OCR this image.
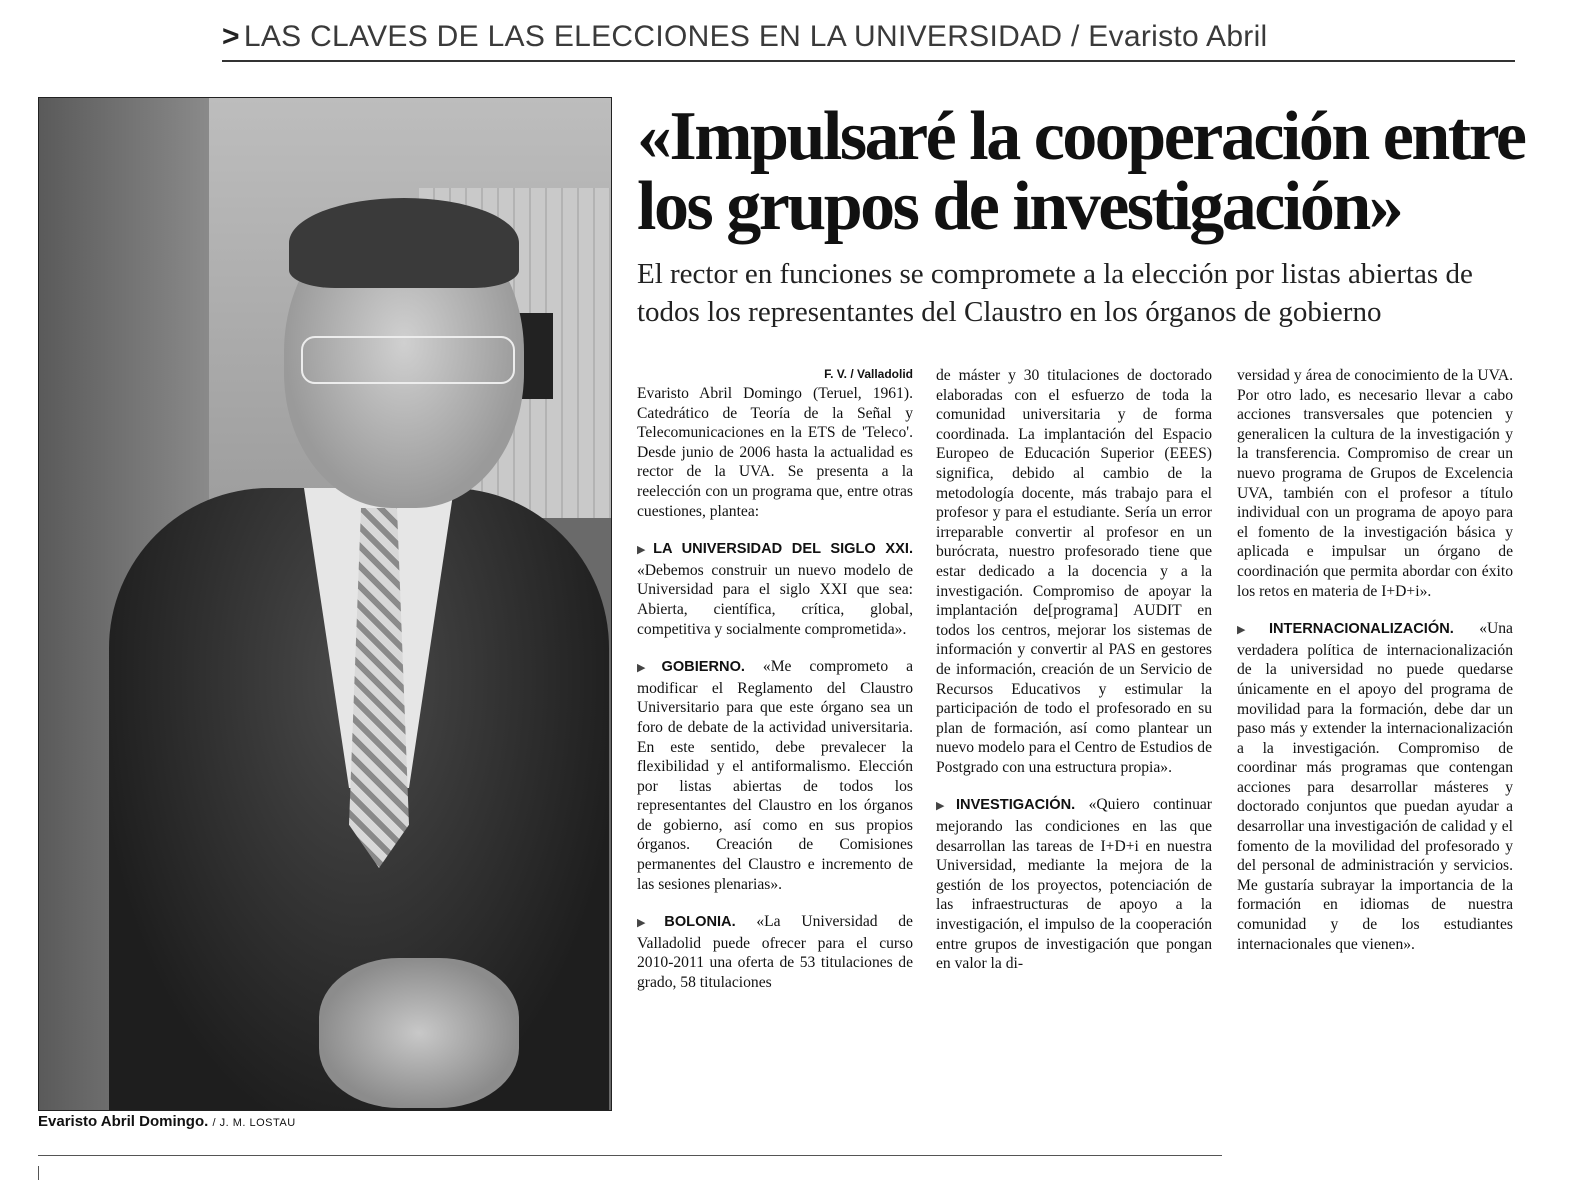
> LAS CLAVES DE LAS ELECCIONES EN LA UNIVERSIDAD / Evaristo Abril
Evaristo Abril Domingo. / J. M. LOSTAU
«Impulsaré la cooperación entre los grupos de investigación»

El rector en funciones se compromete a la elección por listas abiertas de todos los representantes del Claustro en los órganos de gobierno

F. V. / Valladolid

Evaristo Abril Domingo (Teruel, 1961). Catedrático de Teoría de la Señal y Telecomunicaciones en la ETS de 'Teleco'. Desde junio de 2006 hasta la actualidad es rector de la UVA. Se presenta a la reelección con un programa que, entre otras cuestiones, plantea:

▶ LA UNIVERSIDAD DEL SIGLO XXI. «Debemos construir un nuevo modelo de Universidad para el siglo XXI que sea: Abierta, científica, crítica, global, competitiva y socialmente comprometida».

▶ GOBIERNO. «Me comprometo a modificar el Reglamento del Claustro Universitario para que este órgano sea un foro de debate de la actividad universitaria. En este sentido, debe prevalecer la flexibilidad y el antiformalismo. Elección por listas abiertas de todos los representantes del Claustro en los órganos de gobierno, así como en sus propios órganos. Creación de Comisiones permanentes del Claustro e incremento de las sesiones plenarias».

▶ BOLONIA. «La Universidad de Valladolid puede ofrecer para el curso 2010-2011 una oferta de 53 titulaciones de grado, 58 titulaciones

de máster y 30 titulaciones de doctorado elaboradas con el esfuerzo de toda la comunidad universitaria y de forma coordinada. La implantación del Espacio Europeo de Educación Superior (EEES) significa, debido al cambio de la metodología docente, más trabajo para el profesor y para el estudiante. Sería un error irreparable convertir al profesor en un burócrata, nuestro profesorado tiene que estar dedicado a la docencia y a la investigación. Compromiso de apoyar la implantación de[programa] AUDIT en todos los centros, mejorar los sistemas de información y convertir al PAS en gestores de información, creación de un Servicio de Recursos Educativos y estimular la participación de todo el profesorado en su plan de formación, así como plantear un nuevo modelo para el Centro de Estudios de Postgrado con una estructura propia».

▶ INVESTIGACIÓN. «Quiero continuar mejorando las condiciones en las que desarrollan las tareas de I+D+i en nuestra Universidad, mediante la mejora de la gestión de los proyectos, potenciación de las infraestructuras de apoyo a la investigación, el impulso de la cooperación entre grupos de investigación que pongan en valor la di-

versidad y área de conocimiento de la UVA. Por otro lado, es necesario llevar a cabo acciones transversales que potencien y generalicen la cultura de la investigación y la transferencia. Compromiso de crear un nuevo programa de Grupos de Excelencia UVA, también con el profesor a título individual con un programa de apoyo para el fomento de la investigación básica y aplicada e impulsar un órgano de coordinación que permita abordar con éxito los retos en materia de I+D+i».

▶ INTERNACIONALIZACIÓN. «Una verdadera política de internacionalización de la universidad no puede quedarse únicamente en el apoyo del programa de movilidad para la formación, debe dar un paso más y extender la internacionalización a la investigación. Compromiso de coordinar más programas que contengan acciones para desarrollar másteres y doctorado conjuntos que puedan ayudar a desarrollar una investigación de calidad y el fomento de la movilidad del profesorado y del personal de administración y servicios. Me gustaría subrayar la importancia de la formación en idiomas de nuestra comunidad y de los estudiantes internacionales que vienen».
